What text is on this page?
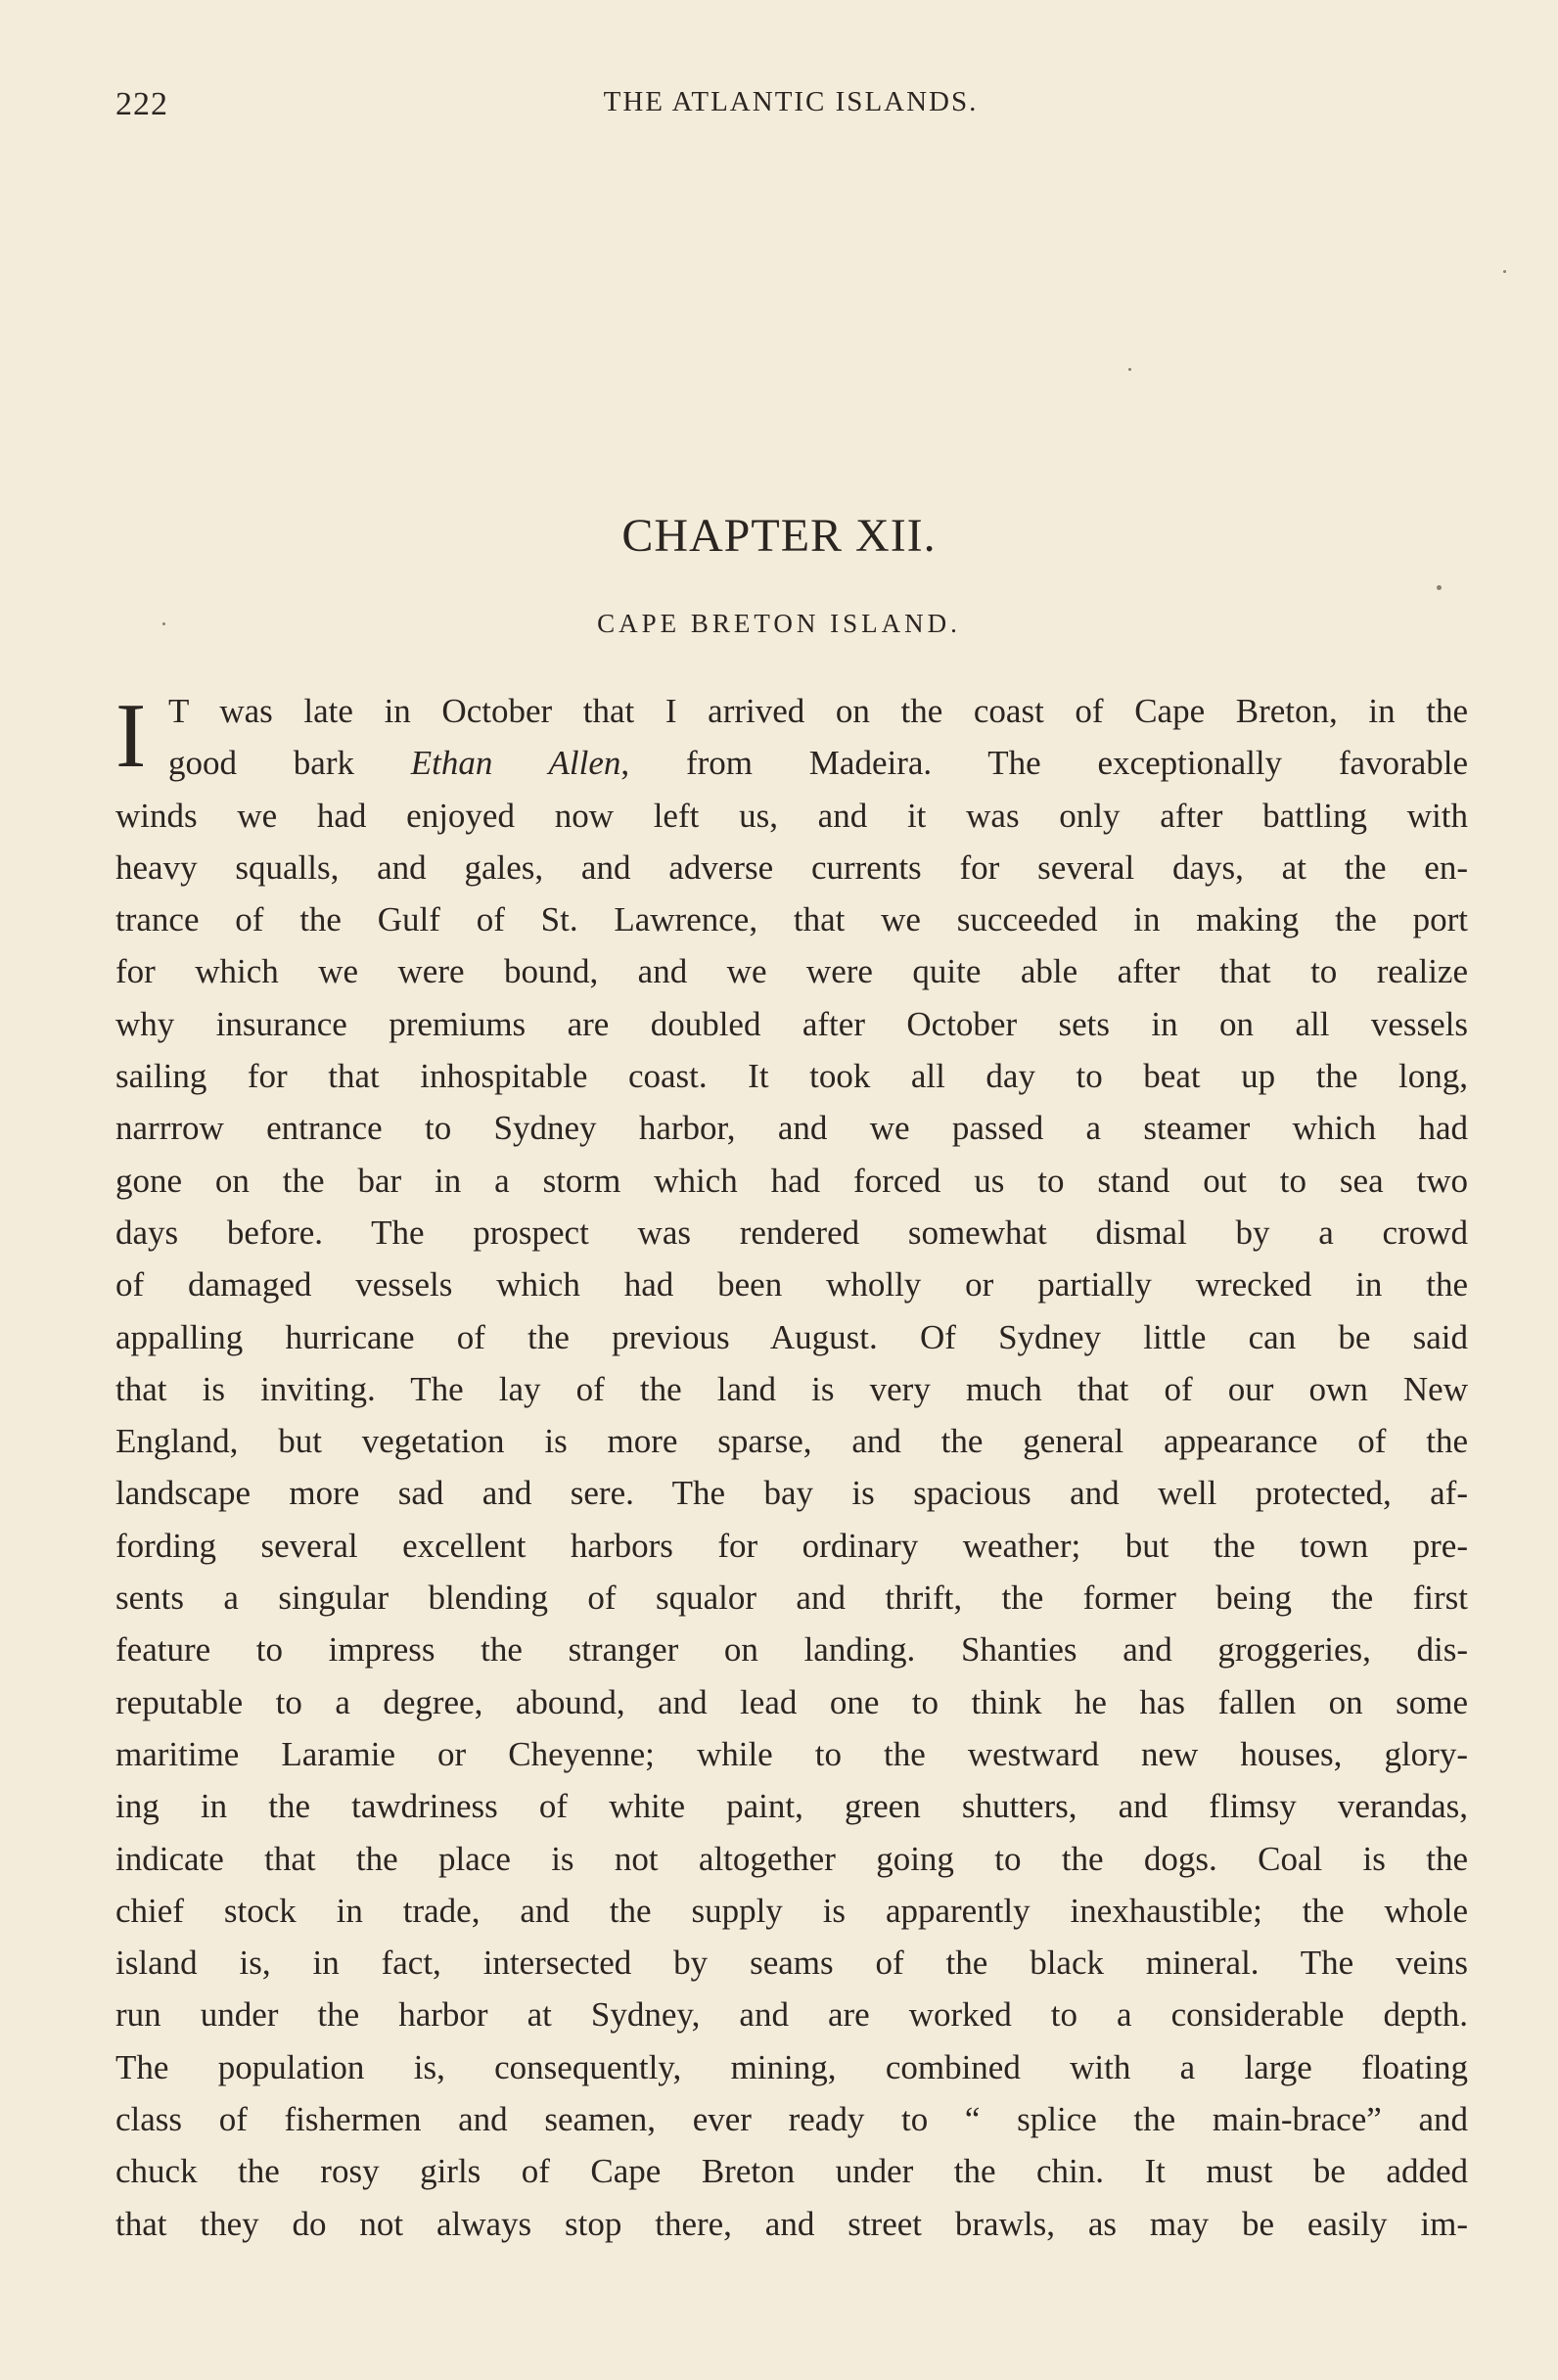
222	THE ATLANTIC ISLANDS.
CHAPTER XII.
CAPE BRETON ISLAND.
I T was late in October that I arrived on the coast of Cape Breton, in the
good bark Ethan Allen, from Madeira. The exceptionally favorable
winds we had enjoyed now left us, and it was only after battling with
heavy squalls, and gales, and adverse currents for several days, at the en-
trance of the Gulf of St. Lawrence, that we succeeded in making the port
for which we were bound, and we were quite able after that to realize
why insurance premiums are doubled after October sets in on all vessels
sailing for that inhospitable coast. It took all day to beat up the long,
narrrow entrance to Sydney harbor, and we passed a steamer which had
gone on the bar in a storm which had forced us to stand out to sea two
days before. The prospect was rendered somewhat dismal by a crowd
of damaged vessels which had been wholly or partially wrecked in the
appalling hurricane of the previous August. Of Sydney little can be said
that is inviting. The lay of the land is very much that of our own New
England, but vegetation is more sparse, and the general appearance of the
landscape more sad and sere. The bay is spacious and well protected, af-
fording several excellent harbors for ordinary weather; but the town pre-
sents a singular blending of squalor and thrift, the former being the first
feature to impress the stranger on landing. Shanties and groggeries, dis-
reputable to a degree, abound, and lead one to think he has fallen on some
maritime Laramie or Cheyenne; while to the westward new houses, glory-
ing in the tawdriness of white paint, green shutters, and flimsy verandas,
indicate that the place is not altogether going to the dogs. Coal is the
chief stock in trade, and the supply is apparently inexhaustible; the whole
island is, in fact, intersected by seams of the black mineral. The veins
run under the harbor at Sydney, and are worked to a considerable depth.
The population is, consequently, mining, combined with a large floating
class of fishermen and seamen, ever ready to “ splice the main-brace” and
chuck the rosy girls of Cape Breton under the chin. It must be added
that they do not always stop there, and street brawls, as may be easily im-
